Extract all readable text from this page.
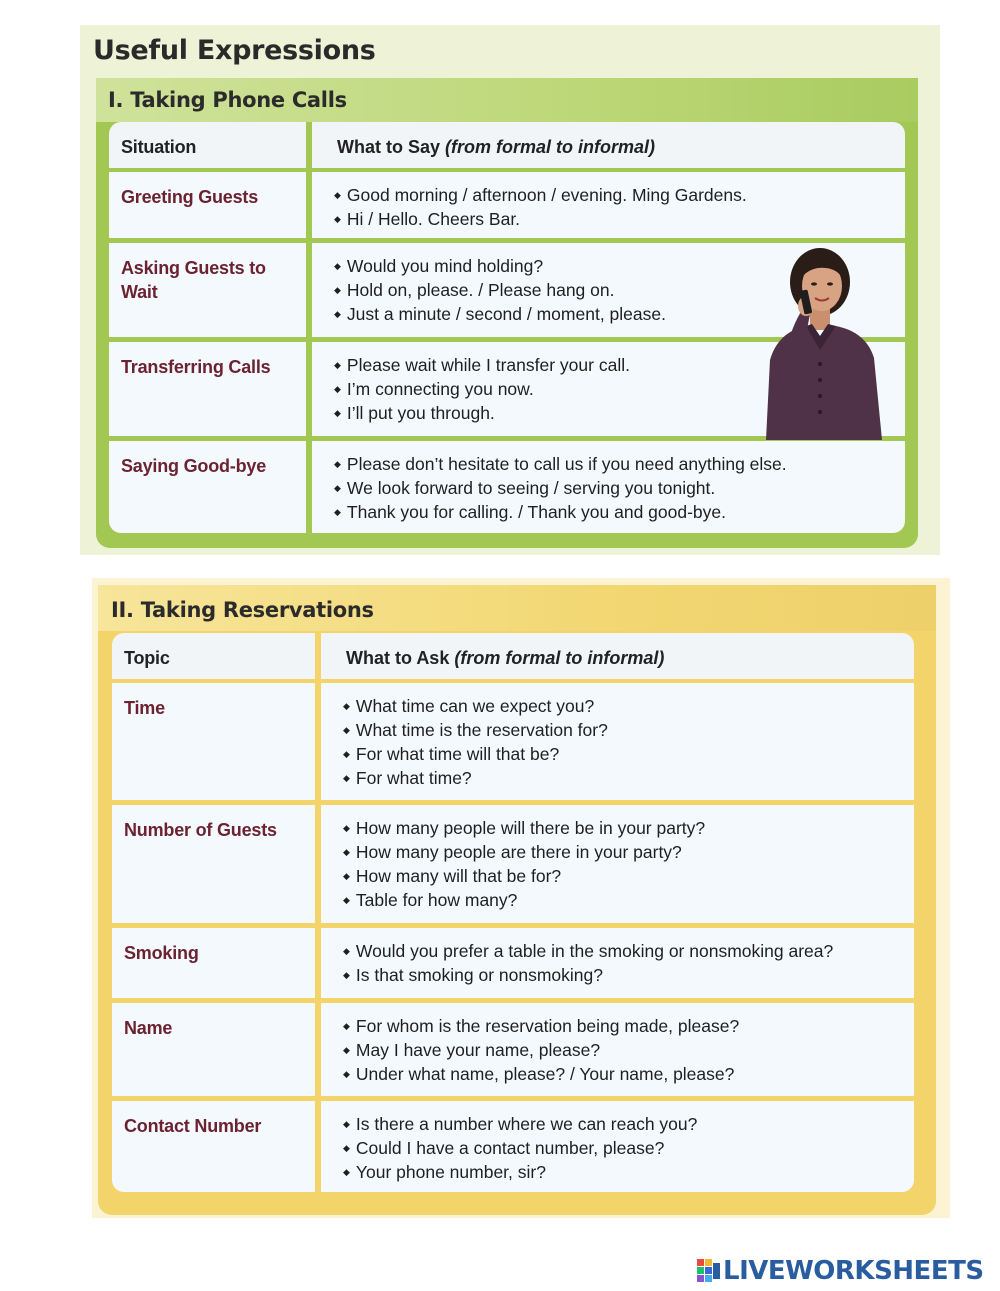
Useful Expressions
I. Taking Phone Calls
Situation	What to Say (from formal to informal)
Greeting Guests	◆ Good morning / afternoon / evening. Ming Gardens.
◆ Hi / Hello. Cheers Bar.
Asking Guests to Wait
◆ Would you mind holding?
◆ Hold on, please. / Please hang on.
◆ Just a minute / second / moment, please.
Transferring Calls	◆ Please wait while I transfer your call.
◆ I’m connecting you now.
◆ I’ll put you through.
Saying Good-bye	◆ Please don’t hesitate to call us if you need anything else.
◆ We look forward to seeing / serving you tonight.
◆ Thank you for calling. / Thank you and good-bye.
II. Taking Reservations
Topic	What to Ask (from formal to informal)
Time	◆ What time can we expect you?
◆ What time is the reservation for?
◆ For what time will that be?
◆ For what time?
Number of Guests	◆ How many people will there be in your party?
◆ How many people are there in your party?
◆ How many will that be for?
◆ Table for how many?
Smoking	◆ Would you prefer a table in the smoking or nonsmoking area?
◆ Is that smoking or nonsmoking?
Name	◆ For whom is the reservation being made, please?
◆ May I have your name, please?
◆ Under what name, please? / Your name, please?
Contact Number	◆ Is there a number where we can reach you?
◆ Could I have a contact number, please?
◆ Your phone number, sir?
LIVEWORKSHEETS
